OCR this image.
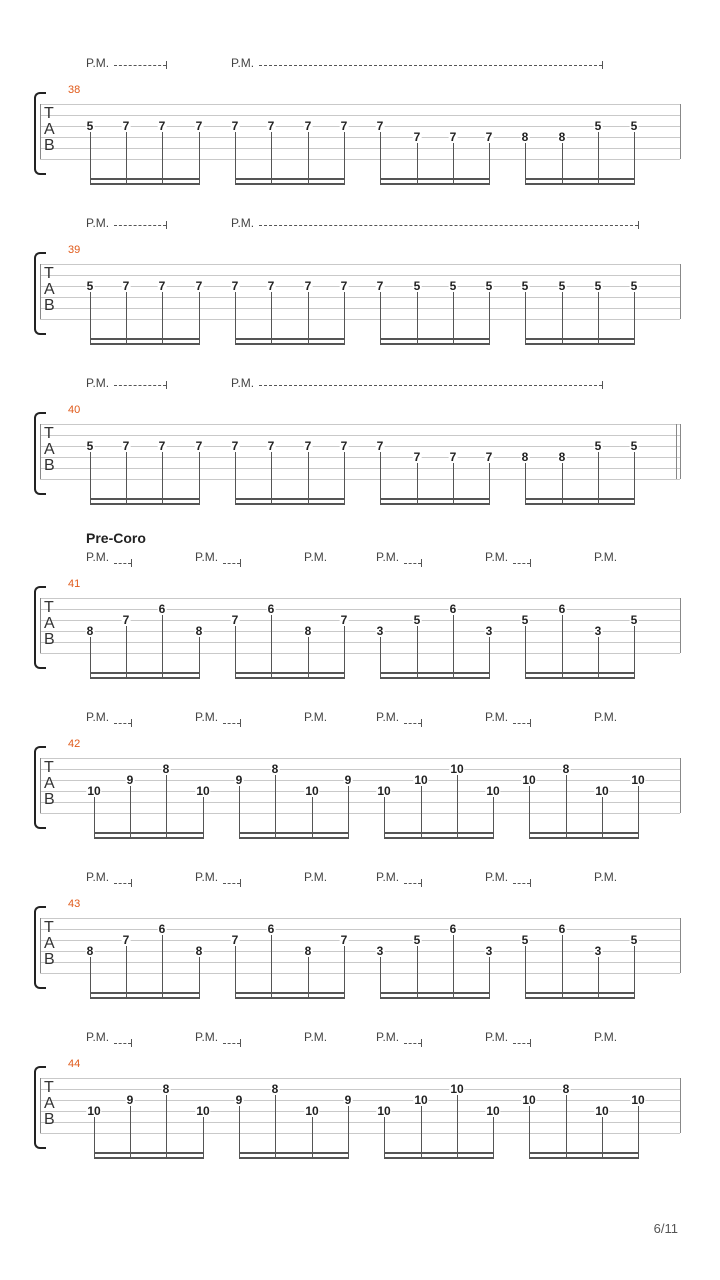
P.M.	P.M.
38
T
A
B
5 7 7	7 7 7	7 7 7
7 7 7 8	8
5 5
P.M.	P.M.
39
T
A
B
5 7 7	7 7 7	7 7 7	5 5 5 5	5 5 5
P.M.	P.M.
40
T
A
B
5 7 7	7 7 7	7 7 7
7 7 7 8	8
5 5
Pre-Coro
P.M.	P.M.	P.M.	P.M.	P.M.	P.M.
41
T
A
B	8
7
6
8
7
6
8
7
3
5
6
3
5
6
3
5
P.M.	P.M.	P.M.	P.M.	P.M.	P.M.
42
T
A
B	10
9
8
10
9
8
10
9
10
10
10
10
10
8
10
10
P.M.	P.M.	P.M.	P.M.	P.M.	P.M.
43
T
A
B	8
7
6
8
7
6
8
7
3
5
6
3
5
6
3
5
P.M.	P.M.	P.M.	P.M.	P.M.	P.M.
44
T
A
B	10
9
8
10
9
8
10
9
10
10
10
10
10
8
10
10
6/11
